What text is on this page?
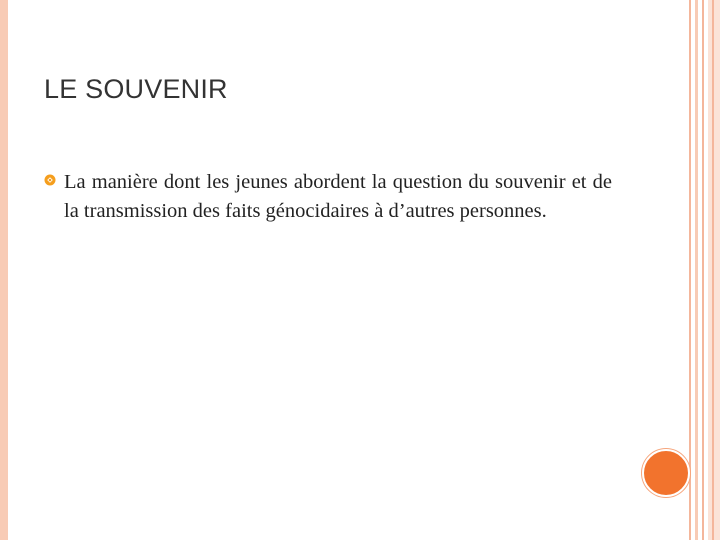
LE SOUVENIR
La manière dont les jeunes abordent la question du souvenir et de la transmission des faits génocidaires à d’autres personnes.
